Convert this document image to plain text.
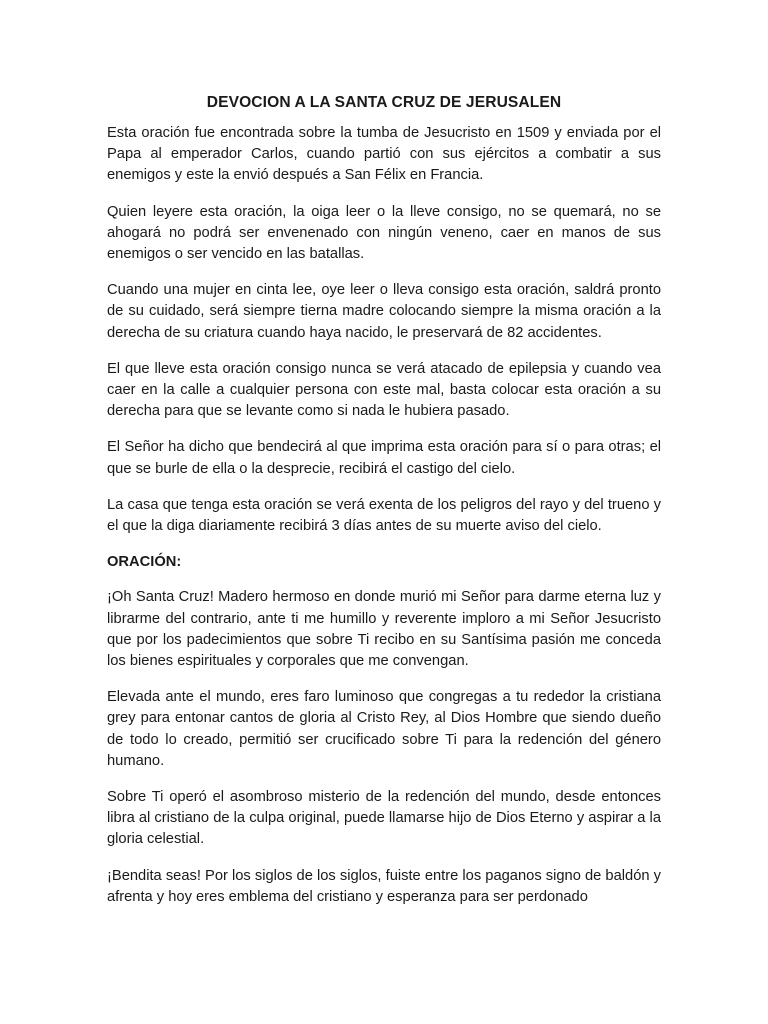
DEVOCION A LA SANTA CRUZ DE JERUSALEN

Esta oración fue encontrada sobre la tumba de Jesucristo en 1509 y enviada por el Papa al emperador Carlos, cuando partió con sus ejércitos a combatir a sus enemigos y este la envió después a San Félix en Francia.

Quien leyere esta oración, la oiga leer o la lleve consigo, no se quemará, no se ahogará no podrá ser envenenado con ningún veneno, caer en manos de sus enemigos o ser vencido en las batallas.

Cuando una mujer en cinta lee, oye leer o lleva consigo esta oración, saldrá pronto de su cuidado, será siempre tierna madre colocando siempre la misma oración a la derecha de su criatura cuando haya nacido, le preservará de 82 accidentes.

El que lleve esta oración consigo nunca se verá atacado de epilepsia y cuando vea caer en la calle a cualquier persona con este mal, basta colocar esta oración a su derecha para que se levante como si nada le hubiera pasado.

El Señor ha dicho que bendecirá al que imprima esta oración para sí o para otras; el que se burle de ella o la desprecie, recibirá el castigo del cielo.

La casa que tenga esta oración se verá exenta de los peligros del rayo y del trueno y el que la diga diariamente recibirá 3 días antes de su muerte aviso del cielo.

ORACIÓN:

¡Oh Santa Cruz! Madero hermoso en donde murió mi Señor para darme eterna luz y librarme del contrario, ante ti me humillo y reverente imploro a mi Señor Jesucristo que por los padecimientos que sobre Ti recibo en su Santísima pasión me conceda los bienes espirituales y corporales que me convengan.

Elevada ante el mundo, eres faro luminoso que congregas a tu rededor la cristiana grey para entonar cantos de gloria al Cristo Rey, al Dios Hombre que siendo dueño de todo lo creado, permitió ser crucificado sobre Ti para la redención del género humano.

Sobre Ti operó el asombroso misterio de la redención del mundo, desde entonces libra al cristiano de la culpa original, puede llamarse hijo de Dios Eterno y aspirar a la gloria celestial.

¡Bendita seas! Por los siglos de los siglos, fuiste entre los paganos signo de baldón y afrenta y hoy eres emblema del cristiano y esperanza para ser perdonado
